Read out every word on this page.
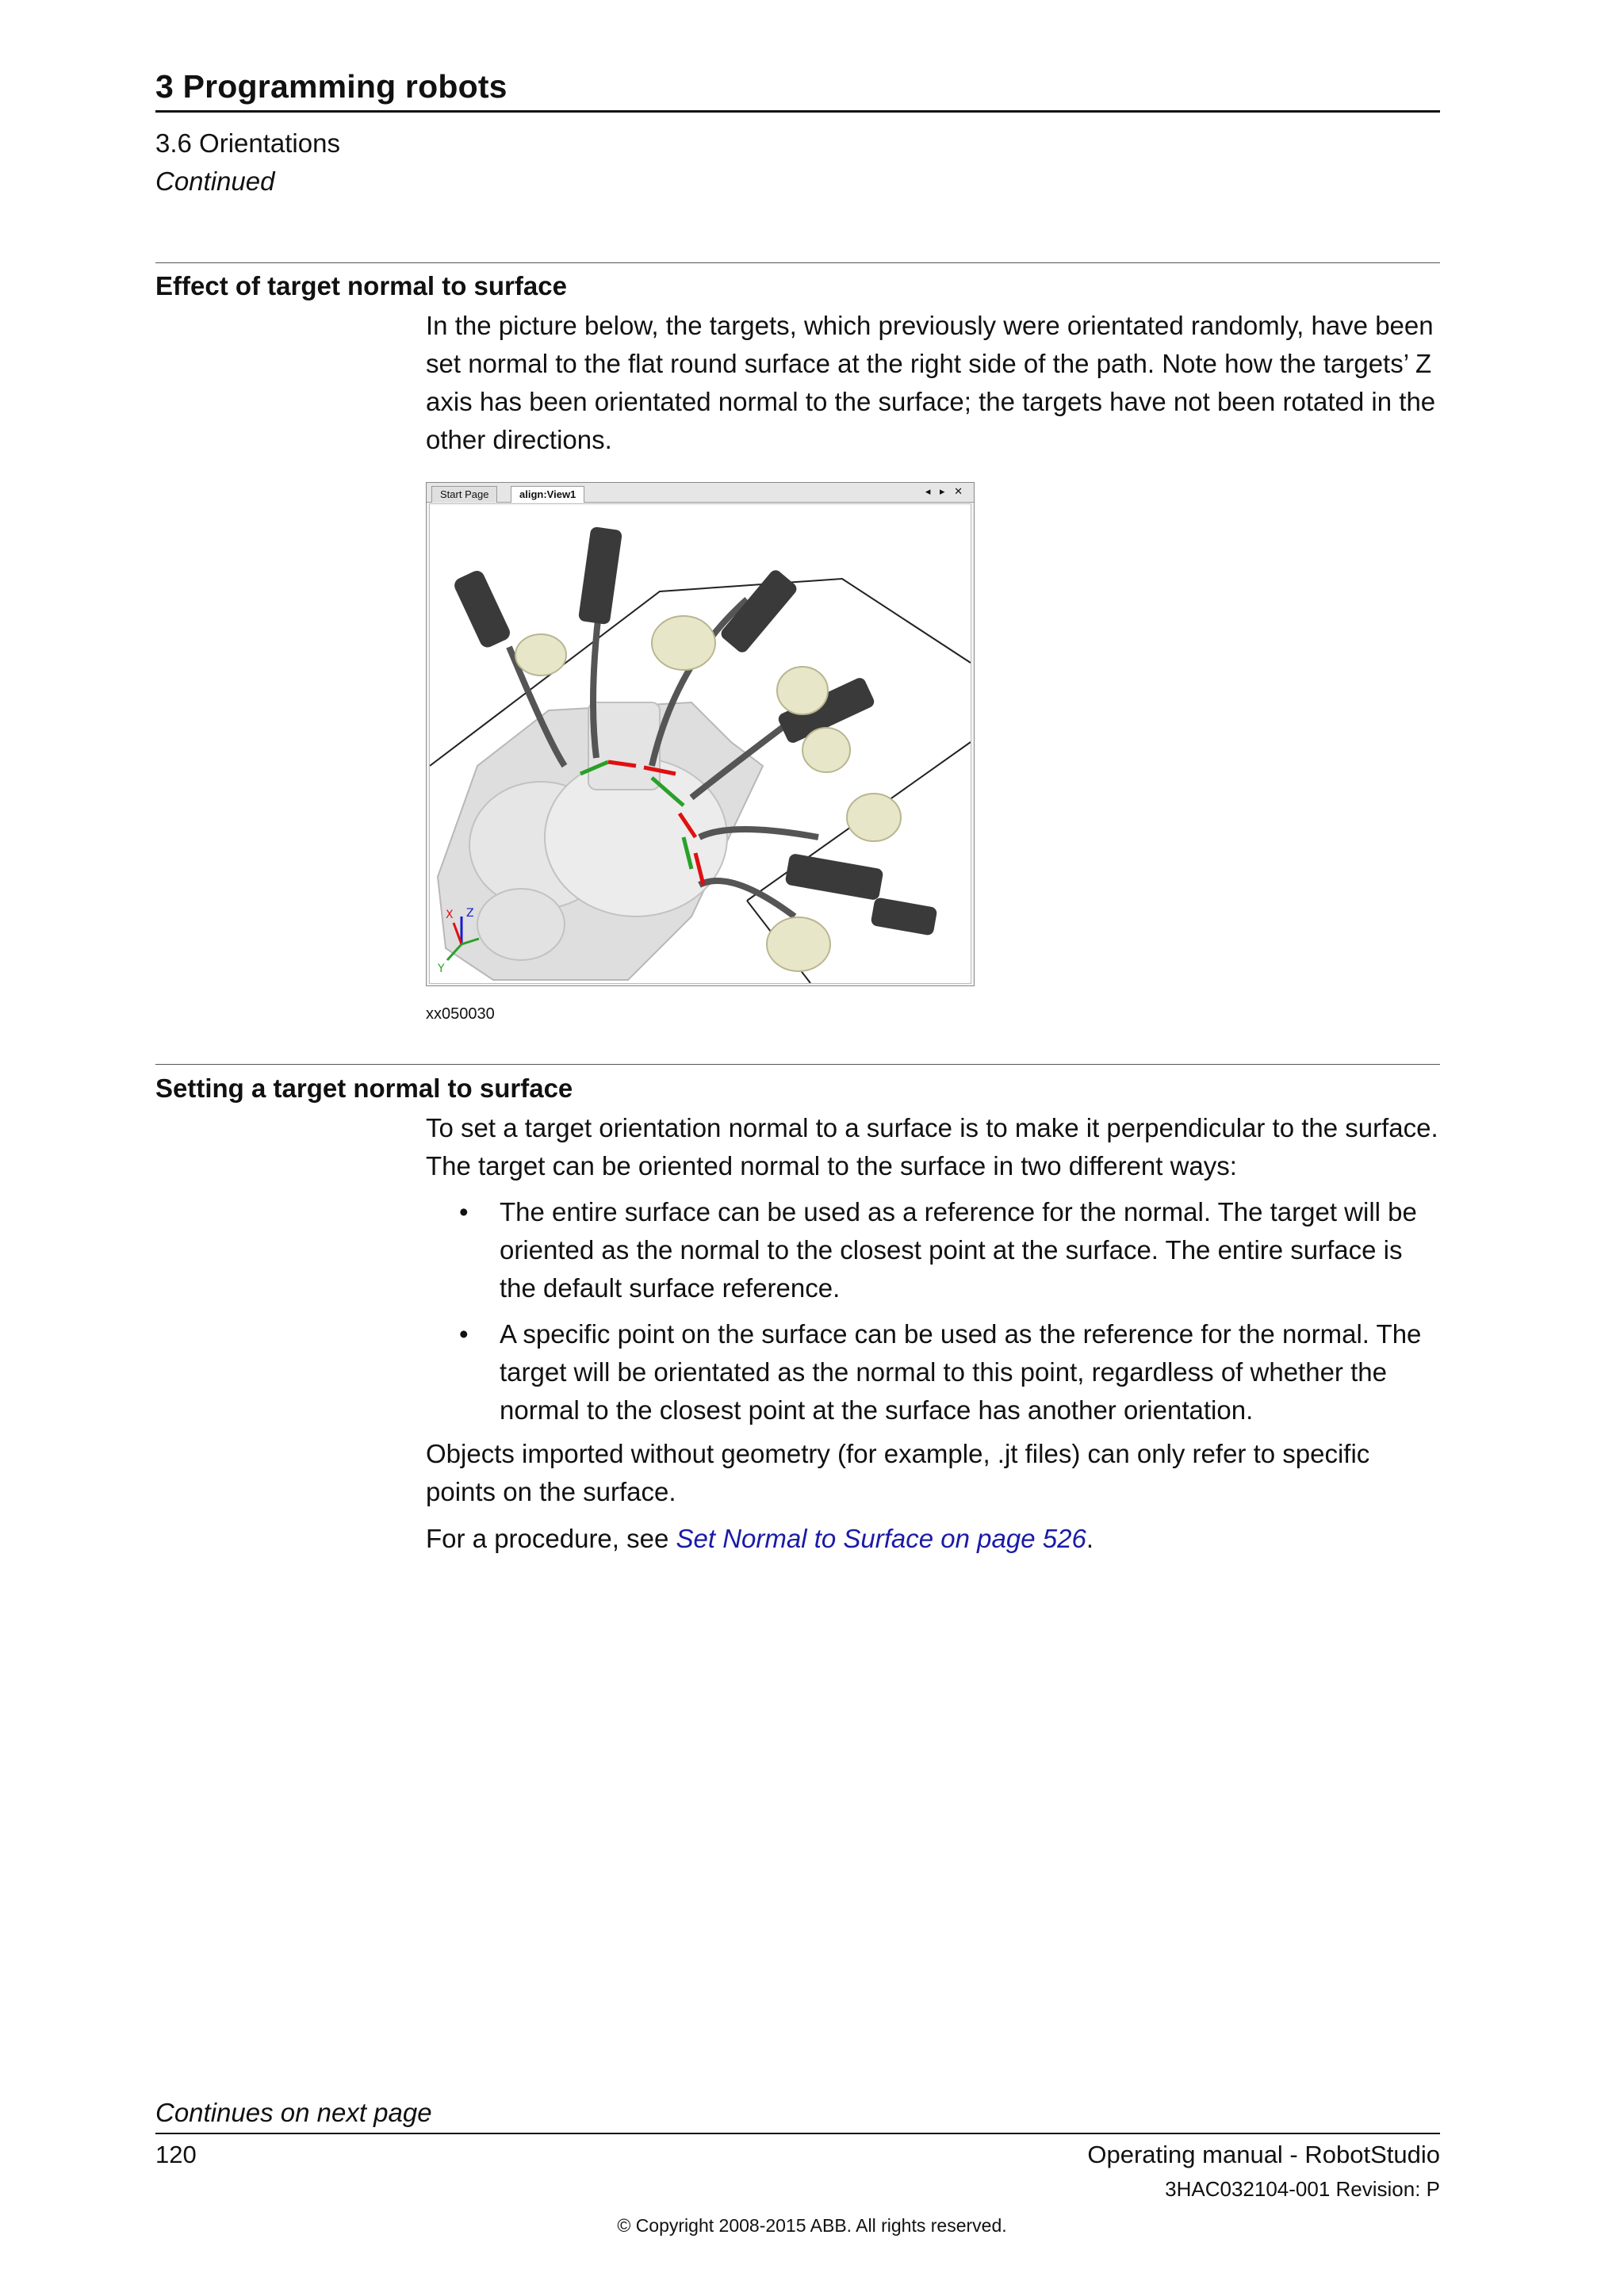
3 Programming robots
3.6 Orientations
Continued
Effect of target normal to surface

In the picture below, the targets, which previously were orientated randomly, have been set normal to the flat round surface at the right side of the path. Note how the targets’ Z axis has been orientated normal to the surface; the targets have not been rotated in the other directions.

Start Page	align:View1	◂ ▸ ✕
X
Y
Z
xx050030
Setting a target normal to surface

To set a target orientation normal to a surface is to make it perpendicular to the surface. The target can be oriented normal to the surface in two different ways:

• The entire surface can be used as a reference for the normal. The target will be oriented as the normal to the closest point at the surface. The entire surface is the default surface reference.
• A specific point on the surface can be used as the reference for the normal. The target will be orientated as the normal to this point, regardless of whether the normal to the closest point at the surface has another orientation.

Objects imported without geometry (for example, .jt files) can only refer to specific points on the surface.

For a procedure, see Set Normal to Surface on page 526.

Continues on next page
120	Operating manual - RobotStudio
3HAC032104-001 Revision: P
© Copyright 2008-2015 ABB. All rights reserved.
